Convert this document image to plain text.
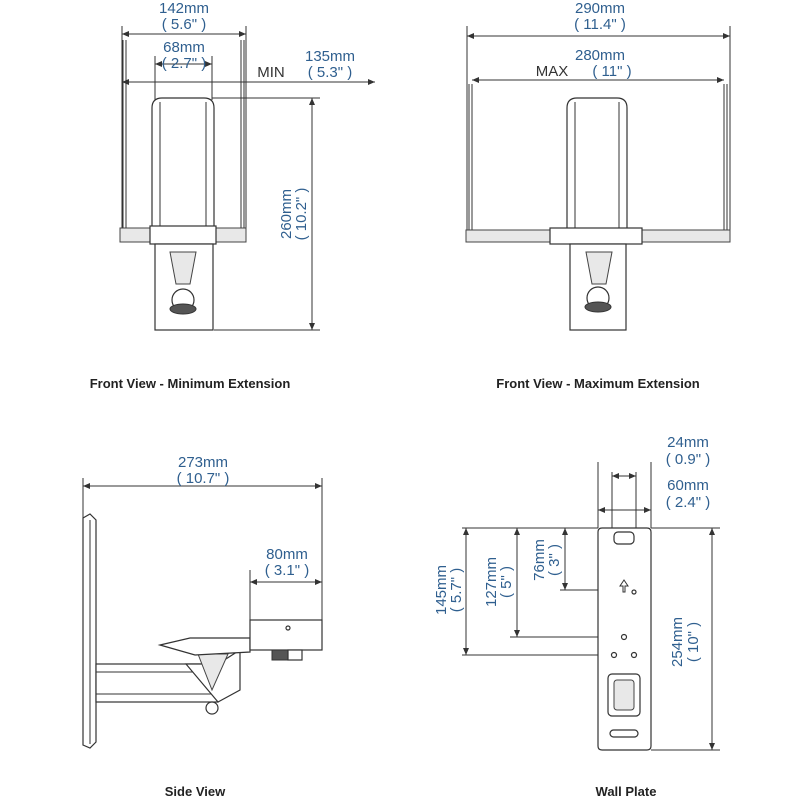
142mm
( 5.6" )
68mm
( 2.7" )	135mm
( 5.3" )
MIN
260mm
( 10.2" )
Front View - Minimum Extension
290mm
( 11.4" )
280mm
( 11" )
MAX
Front View - Maximum Extension
273mm
( 10.7" )
80mm
( 3.1" )
Side View
24mm
( 0.9" )
60mm
( 2.4" )
145mm
( 5.7" ) 127mm
( 5" )
76mm
( 3" )
254mm ( 10" )
Wall Plate
